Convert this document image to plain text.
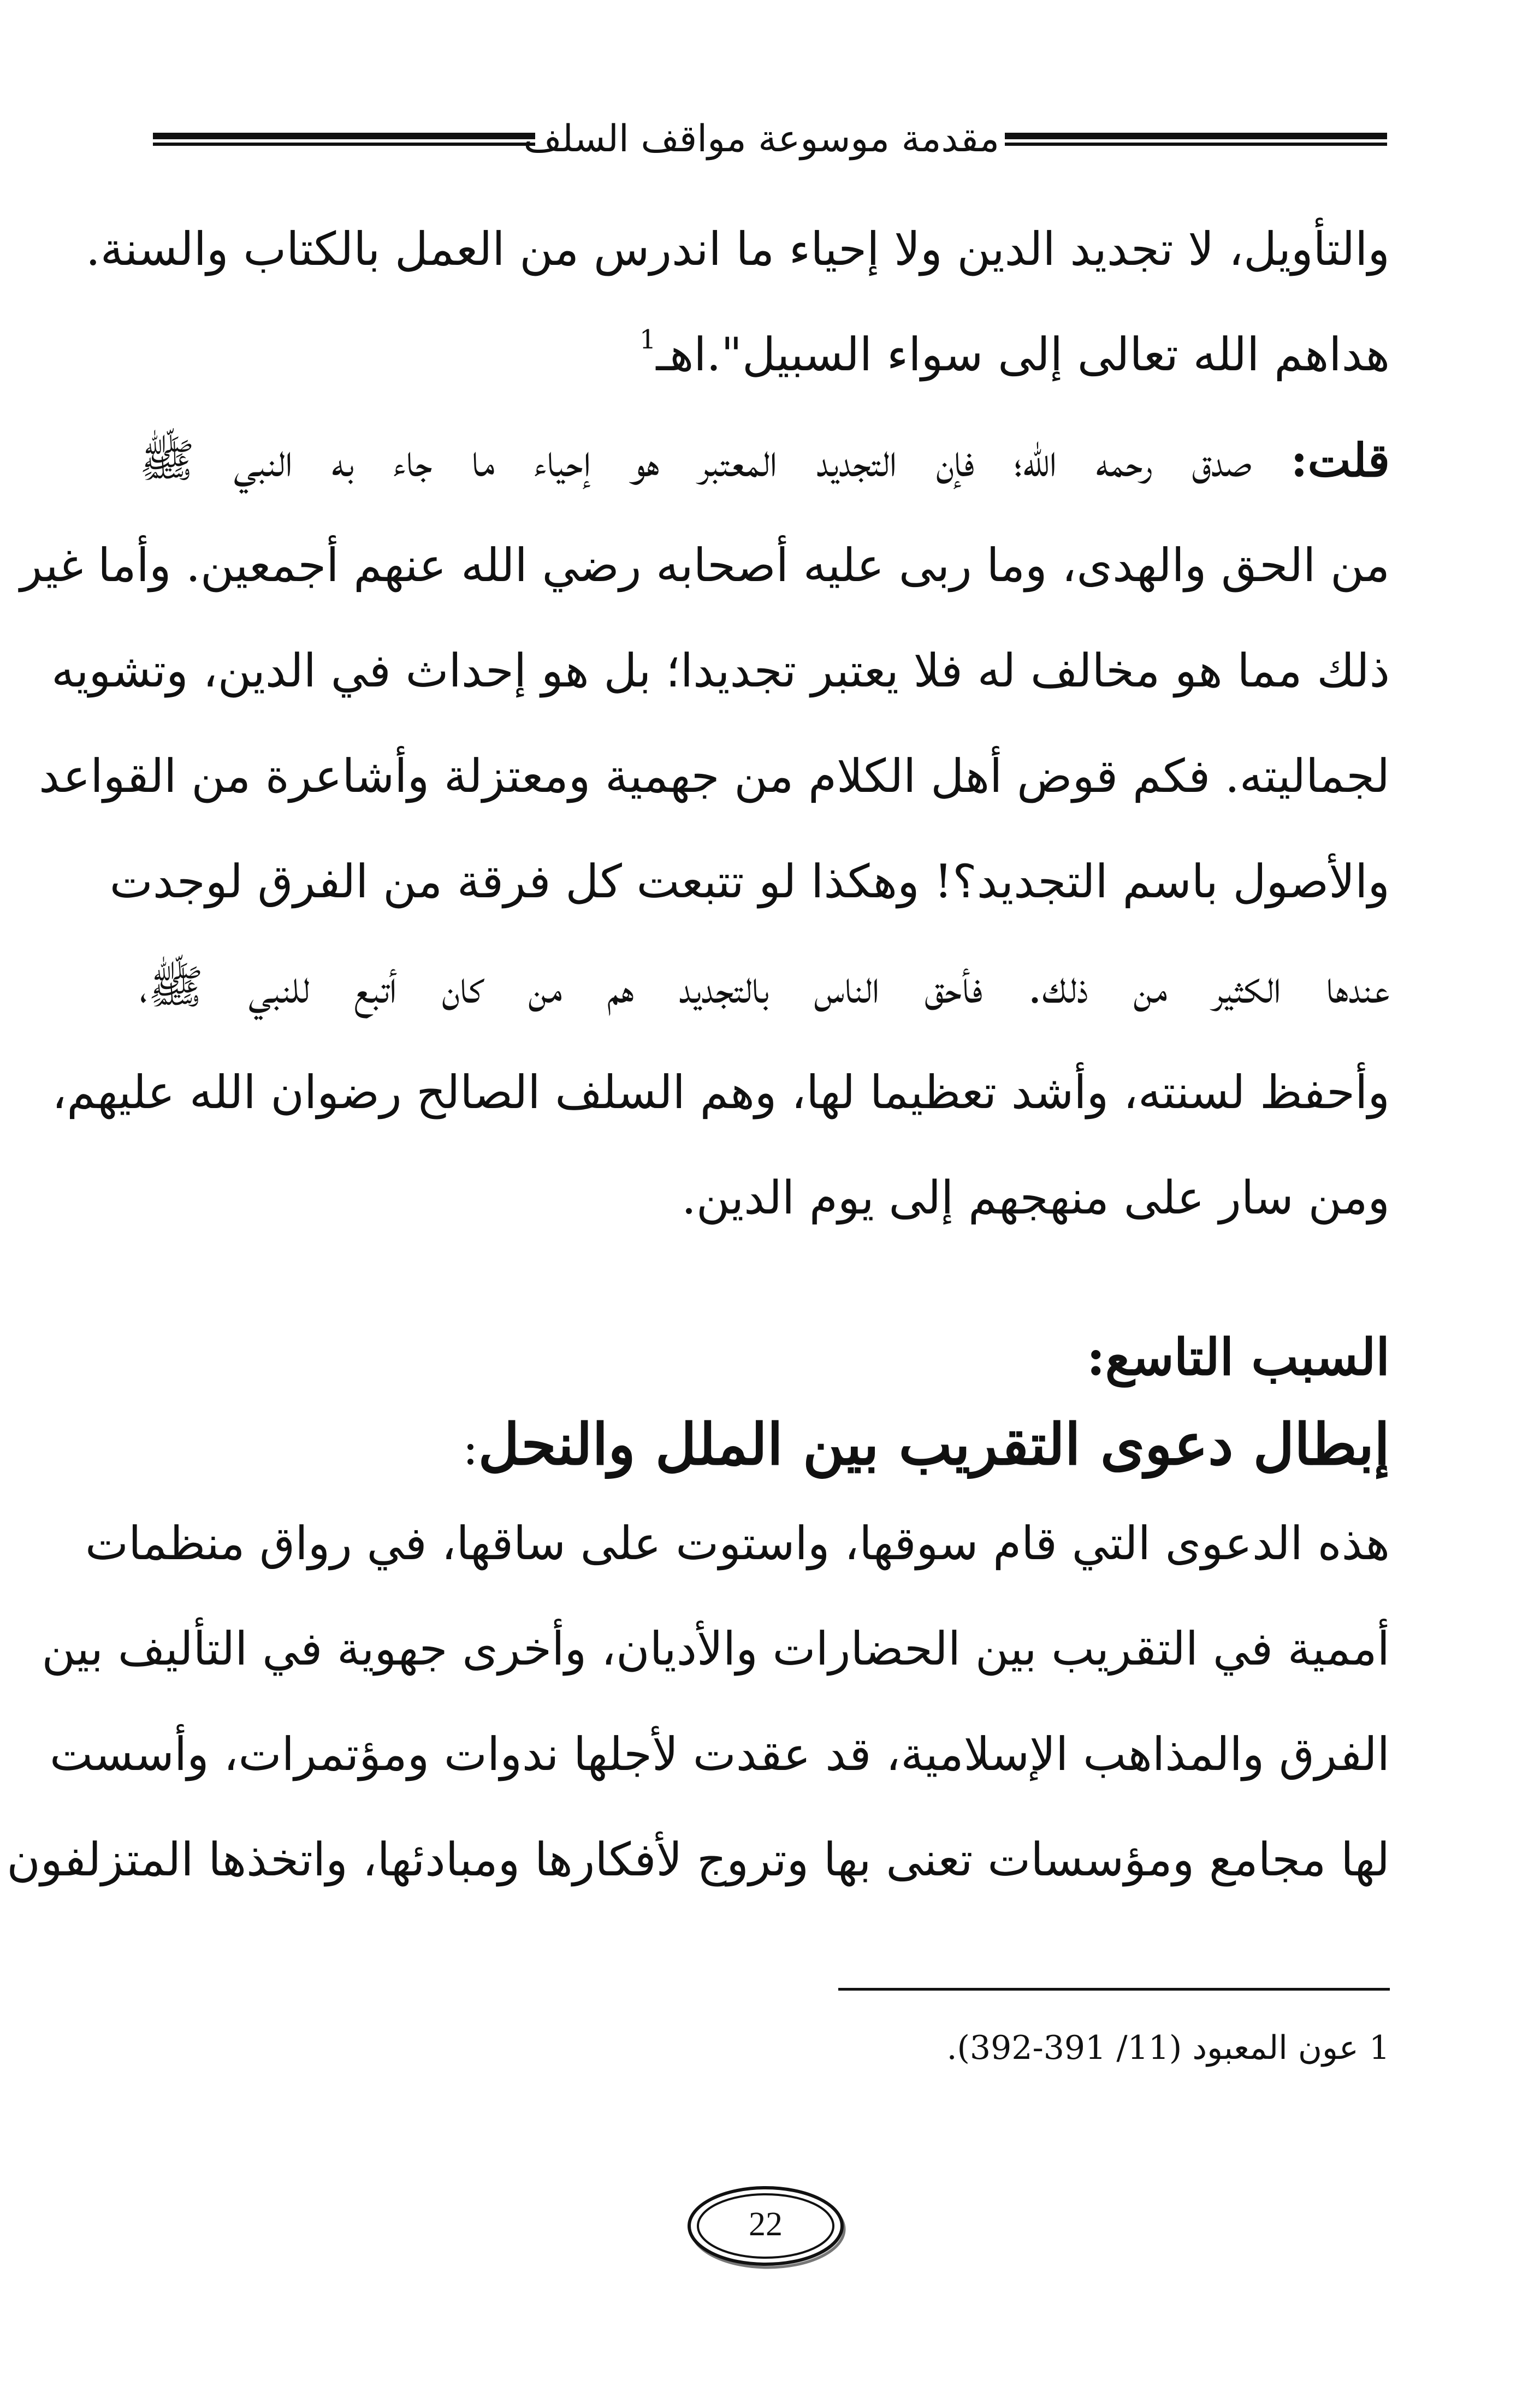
مقدمة موسوعة مواقف السلف
والتأويل، لا تجديد الدين ولا إحياء ما اندرس من العمل بالكتاب والسنة.
هداهم الله تعالى إلى سواء السبيل".اهـ$^1$
قلت: صدق رحمه الله؛ فإن التجديد المعتبر هو إحياء ما جاء به النبي ﷺ
من الحق والهدى، وما ربى عليه أصحابه رضي الله عنهم أجمعين. وأما غير
ذلك مما هو مخالف له فلا يعتبر تجديدا؛ بل هو إحداث في الدين، وتشويه
لجماليته. فكم قوض أهل الكلام من جهمية ومعتزلة وأشاعرة من القواعد
والأصول باسم التجديد؟! وهكذا لو تتبعت كل فرقة من الفرق لوجدت
عندها الكثير من ذلك. فأحق الناس بالتجديد هم من كان أتبع للنبي ﷺ،
وأحفظ لسنته، وأشد تعظيما لها، وهم السلف الصالح رضوان الله عليهم،
ومن سار على منهجهم إلى يوم الدين.
السبب التاسع:
إبطال دعوى التقريب بين الملل والنحل:
هذه الدعوى التي قام سوقها، واستوت على ساقها، في رواق منظمات
أممية في التقريب بين الحضارات والأديان، وأخرى جهوية في التأليف بين
الفرق والمذاهب الإسلامية، قد عقدت لأجلها ندوات ومؤتمرات، وأسست
لها مجامع ومؤسسات تعنى بها وتروج لأفكارها ومبادئها، واتخذها المتزلفون
1 عون المعبود (11/ 391-392).
22
